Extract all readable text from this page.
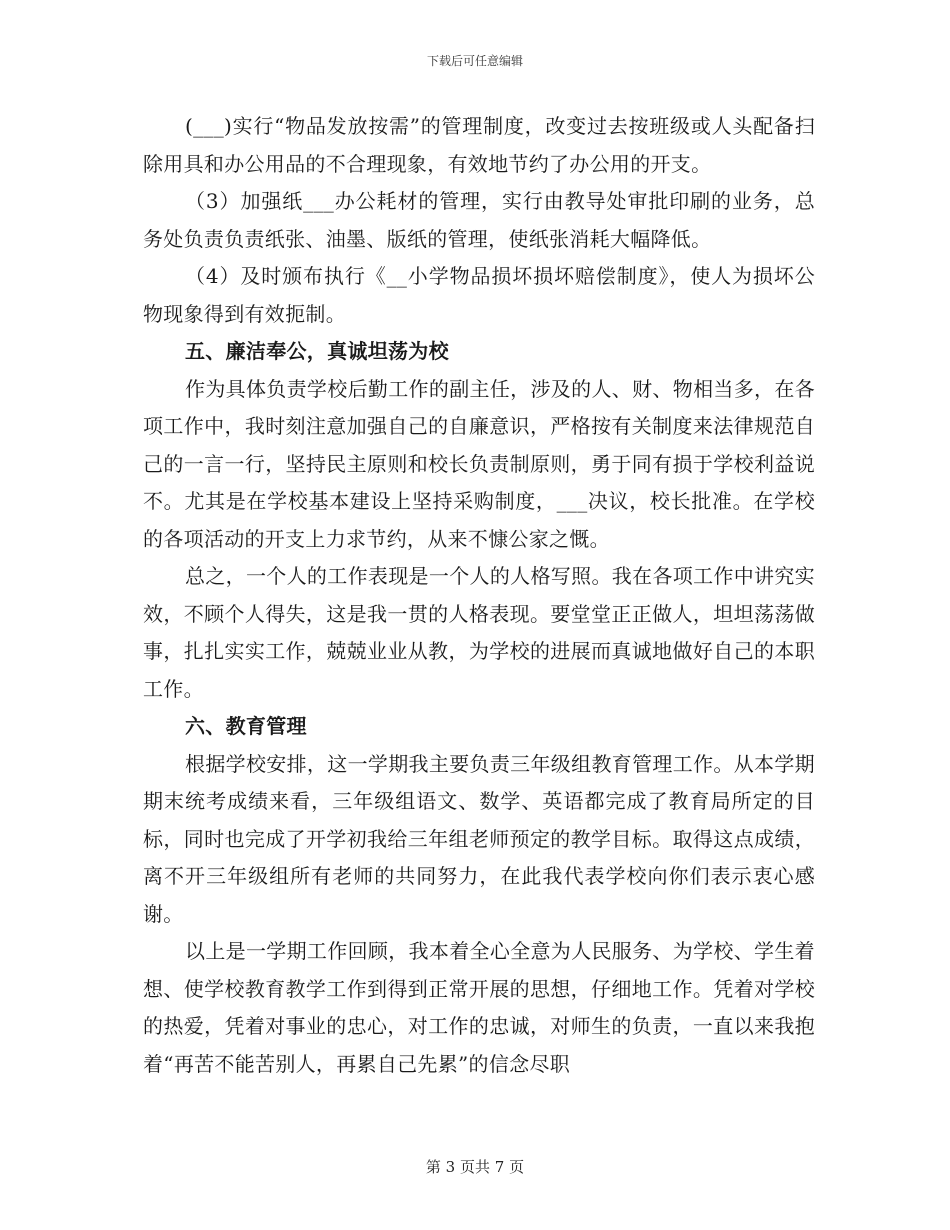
下载后可任意编辑

(___)实行“物品发放按需”的管理制度，改变过去按班级或人头配备扫除用具和办公用品的不合理现象，有效地节约了办公用的开支。

（3）加强纸___办公耗材的管理，实行由教导处审批印刷的业务，总务处负责负责纸张、油墨、版纸的管理，使纸张消耗大幅降低。

（4）及时颁布执行《__小学物品损坏损坏赔偿制度》，使人为损坏公物现象得到有效扼制。

五、廉洁奉公，真诚坦荡为校

作为具体负责学校后勤工作的副主任，涉及的人、财、物相当多，在各项工作中，我时刻注意加强自己的自廉意识，严格按有关制度来法律规范自己的一言一行，坚持民主原则和校长负责制原则，勇于同有损于学校利益说不。尤其是在学校基本建设上坚持采购制度，___决议，校长批准。在学校的各项活动的开支上力求节约，从来不慷公家之慨。

总之，一个人的工作表现是一个人的人格写照。我在各项工作中讲究实效，不顾个人得失，这是我一贯的人格表现。要堂堂正正做人，坦坦荡荡做事，扎扎实实工作，兢兢业业从教，为学校的进展而真诚地做好自己的本职工作。

六、教育管理

根据学校安排，这一学期我主要负责三年级组教育管理工作。从本学期期末统考成绩来看，三年级组语文、数学、英语都完成了教育局所定的目标，同时也完成了开学初我给三年组老师预定的教学目标。取得这点成绩，离不开三年级组所有老师的共同努力，在此我代表学校向你们表示衷心感谢。

以上是一学期工作回顾，我本着全心全意为人民服务、为学校、学生着想、使学校教育教学工作到得到正常开展的思想，仔细地工作。凭着对学校的热爱，凭着对事业的忠心，对工作的忠诚，对师生的负责，一直以来我抱着“再苦不能苦别人，再累自己先累”的信念尽职

第 3 页共 7 页
